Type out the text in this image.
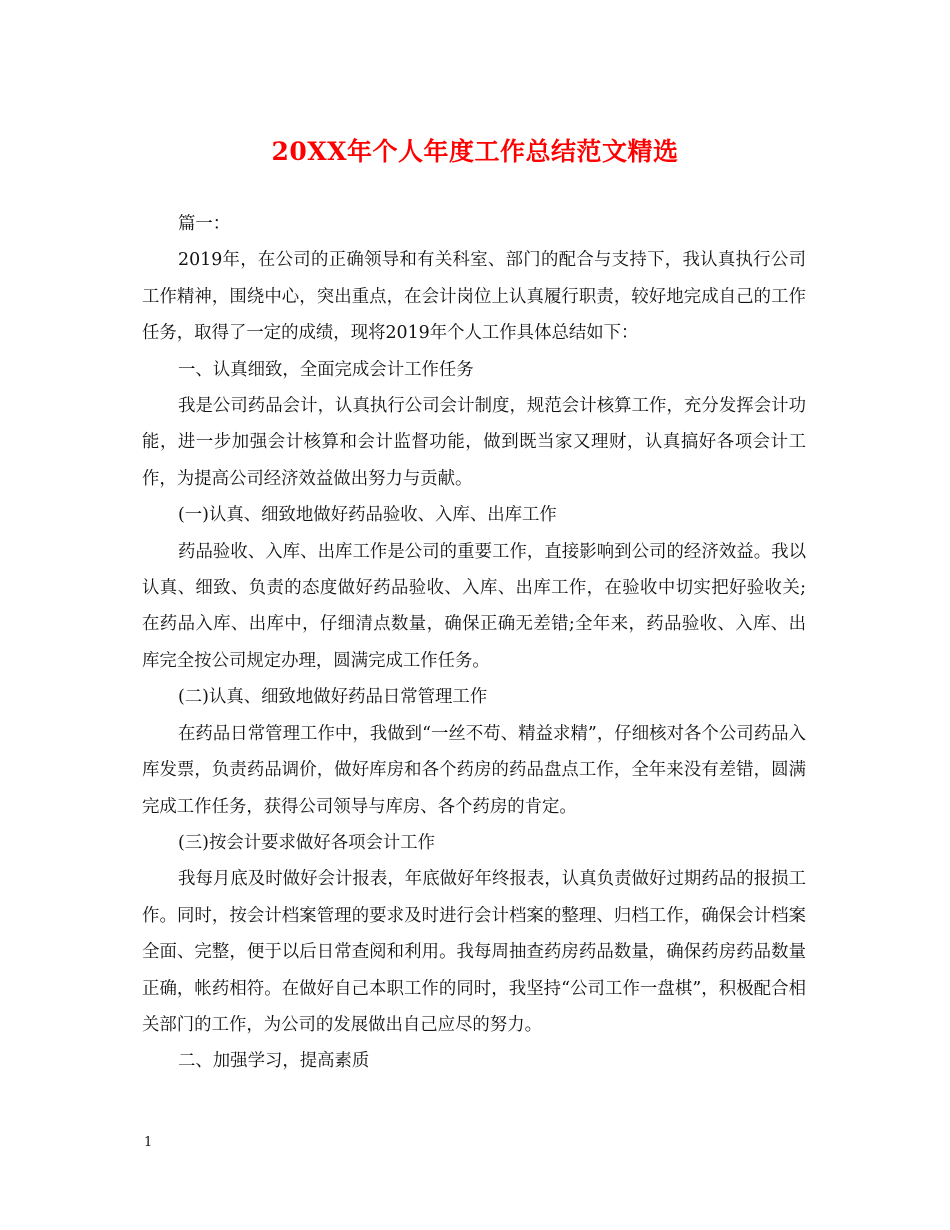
20XX年个人年度工作总结范文精选

篇一：

2019年，在公司的正确领导和有关科室、部门的配合与支持下，我认真执行公司工作精神，围绕中心，突出重点，在会计岗位上认真履行职责，较好地完成自己的工作任务，取得了一定的成绩，现将2019年个人工作具体总结如下：

一、认真细致，全面完成会计工作任务

我是公司药品会计，认真执行公司会计制度，规范会计核算工作，充分发挥会计功能，进一步加强会计核算和会计监督功能，做到既当家又理财，认真搞好各项会计工作，为提高公司经济效益做出努力与贡献。

(一)认真、细致地做好药品验收、入库、出库工作

药品验收、入库、出库工作是公司的重要工作，直接影响到公司的经济效益。我以认真、细致、负责的态度做好药品验收、入库、出库工作，在验收中切实把好验收关;在药品入库、出库中，仔细清点数量，确保正确无差错;全年来，药品验收、入库、出库完全按公司规定办理，圆满完成工作任务。

(二)认真、细致地做好药品日常管理工作

在药品日常管理工作中，我做到“一丝不苟、精益求精”，仔细核对各个公司药品入库发票，负责药品调价，做好库房和各个药房的药品盘点工作，全年来没有差错，圆满完成工作任务，获得公司领导与库房、各个药房的肯定。

(三)按会计要求做好各项会计工作

我每月底及时做好会计报表，年底做好年终报表，认真负责做好过期药品的报损工作。同时，按会计档案管理的要求及时进行会计档案的整理、归档工作，确保会计档案全面、完整，便于以后日常查阅和利用。我每周抽查药房药品数量，确保药房药品数量正确，帐药相符。在做好自己本职工作的同时，我坚持“公司工作一盘棋”，积极配合相关部门的工作，为公司的发展做出自己应尽的努力。

二、加强学习，提高素质

1
